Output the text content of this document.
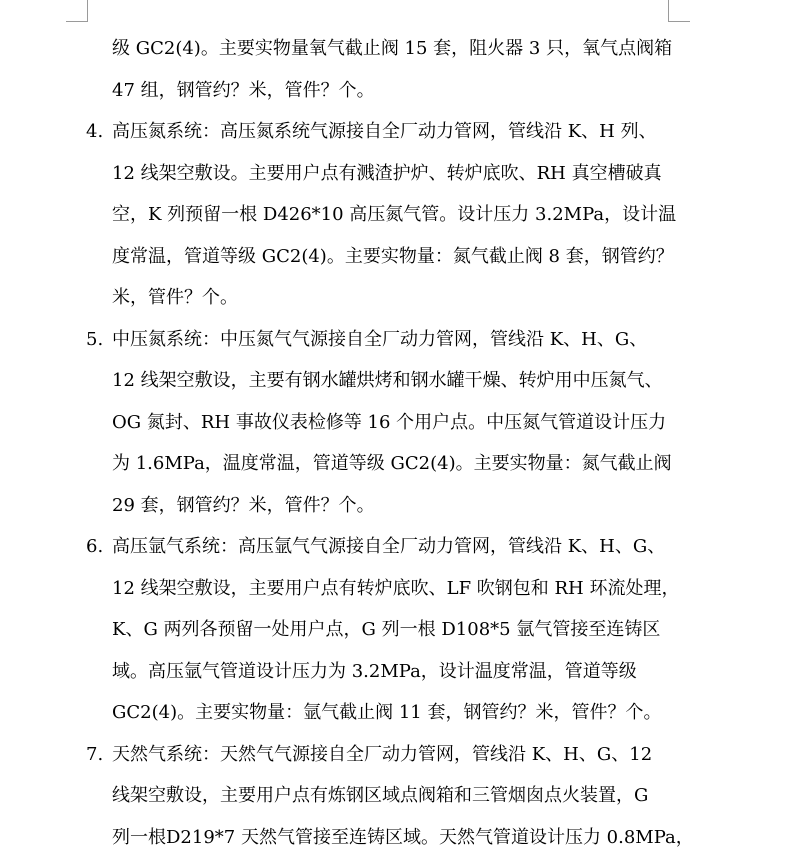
级 GC2(4)。主要实物量氧气截止阀 15 套，阻火器 3 只，氧气点阀箱
47 组，钢管约？米，管件？个。
4. 高压氮系统：高压氮系统气源接自全厂动力管网，管线沿 K、H 列、
12 线架空敷设。主要用户点有溅渣护炉、转炉底吹、RH 真空槽破真
空，K 列预留一根 D426*10 高压氮气管。设计压力 3.2MPa，设计温
度常温，管道等级 GC2(4)。主要实物量：氮气截止阀 8 套，钢管约？
米，管件？个。
5. 中压氮系统：中压氮气气源接自全厂动力管网，管线沿 K、H、G、
12 线架空敷设，主要有钢水罐烘烤和钢水罐干燥、转炉用中压氮气、
OG 氮封、RH 事故仪表检修等 16 个用户点。中压氮气管道设计压力
为 1.6MPa，温度常温，管道等级 GC2(4)。主要实物量：氮气截止阀
29 套，钢管约？米，管件？个。
6. 高压氩气系统：高压氩气气源接自全厂动力管网，管线沿 K、H、G、
12 线架空敷设，主要用户点有转炉底吹、LF 吹钢包和 RH 环流处理，
K、G 两列各预留一处用户点，G 列一根 D108*5 氩气管接至连铸区
域。高压氩气管道设计压力为 3.2MPa，设计温度常温，管道等级
GC2(4)。主要实物量：氩气截止阀 11 套，钢管约？米，管件？个。
7. 天然气系统：天然气气源接自全厂动力管网，管线沿 K、H、G、12
线架空敷设，主要用户点有炼钢区域点阀箱和三管烟囱点火装置，G
列一根D219*7 天然气管接至连铸区域。天然气管道设计压力 0.8MPa，
